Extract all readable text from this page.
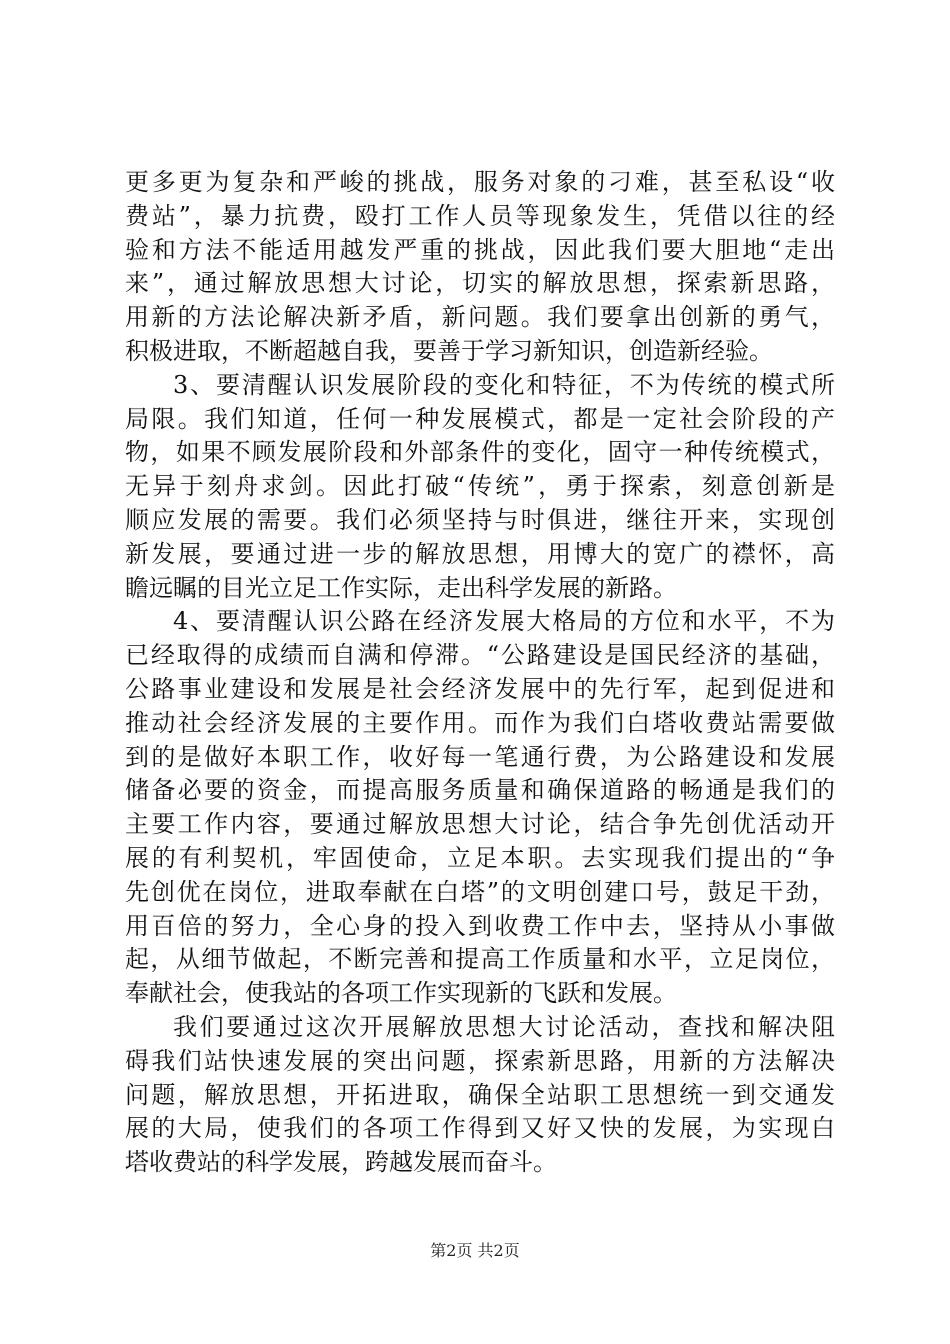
更多更为复杂和严峻的挑战，服务对象的刁难，甚至私设“收
费站”，暴力抗费，殴打工作人员等现象发生，凭借以往的经
验和方法不能适用越发严重的挑战，因此我们要大胆地“走出
来”，通过解放思想大讨论，切实的解放思想，探索新思路，
用新的方法论解决新矛盾，新问题。我们要拿出创新的勇气，
积极进取，不断超越自我，要善于学习新知识，创造新经验。
3、要清醒认识发展阶段的变化和特征，不为传统的模式所
局限。我们知道，任何一种发展模式，都是一定社会阶段的产
物，如果不顾发展阶段和外部条件的变化，固守一种传统模式，
无异于刻舟求剑。因此打破“传统”，勇于探索，刻意创新是
顺应发展的需要。我们必须坚持与时俱进，继往开来，实现创
新发展，要通过进一步的解放思想，用博大的宽广的襟怀，高
瞻远瞩的目光立足工作实际，走出科学发展的新路。
4、要清醒认识公路在经济发展大格局的方位和水平，不为
已经取得的成绩而自满和停滞。“公路建设是国民经济的基础，
公路事业建设和发展是社会经济发展中的先行军，起到促进和
推动社会经济发展的主要作用。而作为我们白塔收费站需要做
到的是做好本职工作，收好每一笔通行费，为公路建设和发展
储备必要的资金，而提高服务质量和确保道路的畅通是我们的
主要工作内容，要通过解放思想大讨论，结合争先创优活动开
展的有利契机，牢固使命，立足本职。去实现我们提出的“争
先创优在岗位，进取奉献在白塔”的文明创建口号，鼓足干劲，
用百倍的努力，全心身的投入到收费工作中去，坚持从小事做
起，从细节做起，不断完善和提高工作质量和水平，立足岗位，
奉献社会，使我站的各项工作实现新的飞跃和发展。
我们要通过这次开展解放思想大讨论活动，查找和解决阻
碍我们站快速发展的突出问题，探索新思路，用新的方法解决
问题，解放思想，开拓进取，确保全站职工思想统一到交通发
展的大局，使我们的各项工作得到又好又快的发展，为实现白
塔收费站的科学发展，跨越发展而奋斗。
第2页 共2页
